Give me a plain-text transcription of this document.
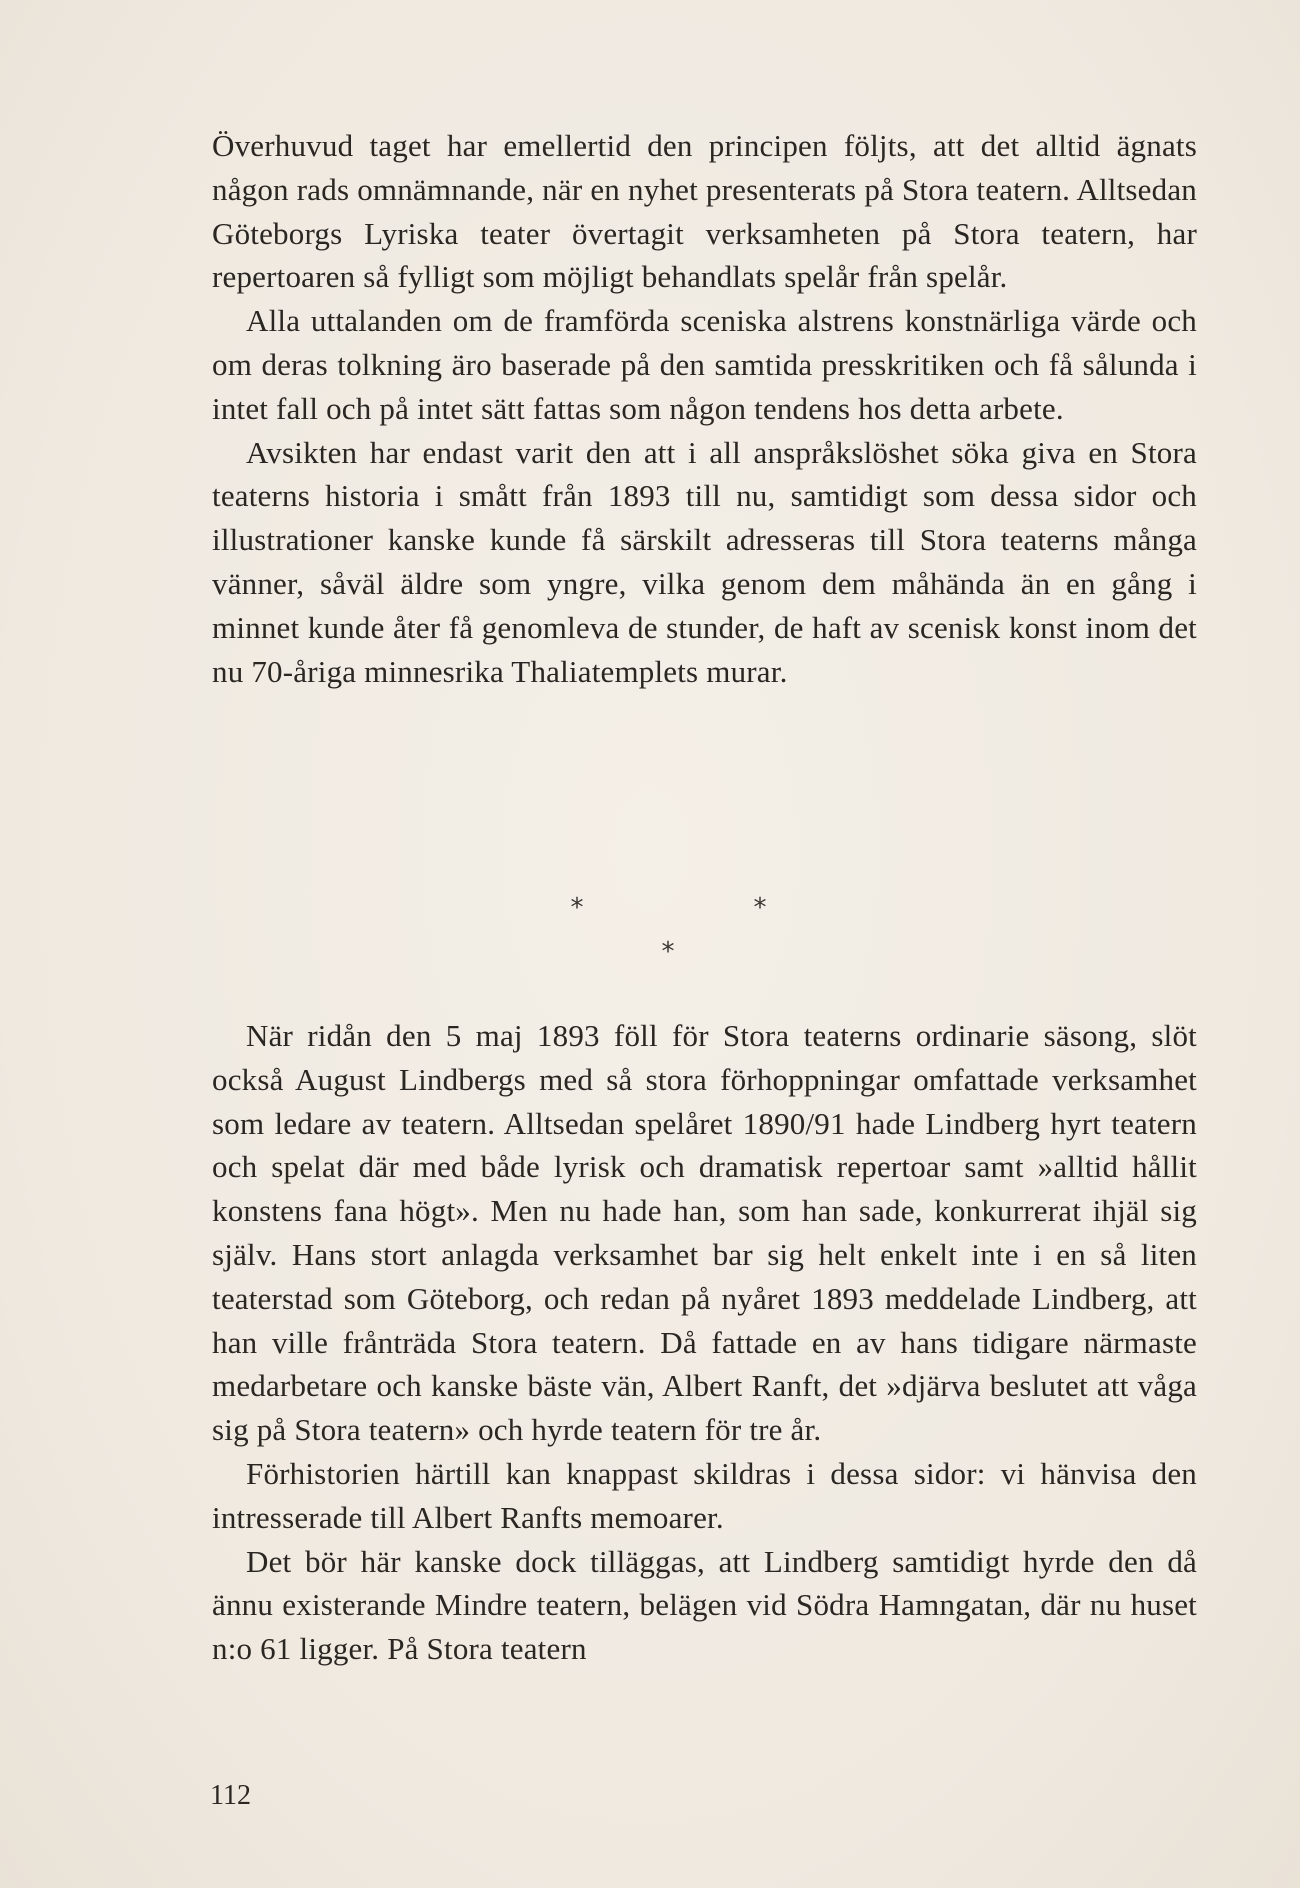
Överhuvud taget har emellertid den principen följts, att det alltid ägnats någon rads omnämnande, när en nyhet presenterats på Stora teatern. Alltsedan Göteborgs Lyriska teater övertagit verksamheten på Stora teatern, har repertoaren så fylligt som möjligt behandlats spelår från spelår.

Alla uttalanden om de framförda sceniska alstrens konstnärliga värde och om deras tolkning äro baserade på den samtida presskritiken och få sålunda i intet fall och på intet sätt fattas som någon tendens hos detta arbete.

Avsikten har endast varit den att i all anspråkslöshet söka giva en Stora teaterns historia i smått från 1893 till nu, samtidigt som dessa sidor och illustrationer kanske kunde få särskilt adresseras till Stora teaterns många vänner, såväl äldre som yngre, vilka genom dem måhända än en gång i minnet kunde åter få genomleva de stunder, de haft av scenisk konst inom det nu 70-åriga minnesrika Thaliatemplets murar.

*	*
*

När ridån den 5 maj 1893 föll för Stora teaterns ordinarie säsong, slöt också August Lindbergs med så stora förhoppningar omfattade verksamhet som ledare av teatern. Alltsedan spelåret 1890/91 hade Lindberg hyrt teatern och spelat där med både lyrisk och dramatisk repertoar samt »alltid hållit konstens fana högt». Men nu hade han, som han sade, konkurrerat ihjäl sig själv. Hans stort anlagda verksamhet bar sig helt enkelt inte i en så liten teaterstad som Göteborg, och redan på nyåret 1893 meddelade Lindberg, att han ville frånträda Stora teatern. Då fattade en av hans tidigare närmaste medarbetare och kanske bäste vän, Albert Ranft, det »djärva beslutet att våga sig på Stora teatern» och hyrde teatern för tre år.

Förhistorien härtill kan knappast skildras i dessa sidor: vi hänvisa den intresserade till Albert Ranfts memoarer.

Det bör här kanske dock tilläggas, att Lindberg samtidigt hyrde den då ännu existerande Mindre teatern, belägen vid Södra Hamngatan, där nu huset n:o 61 ligger. På Stora teatern

112
